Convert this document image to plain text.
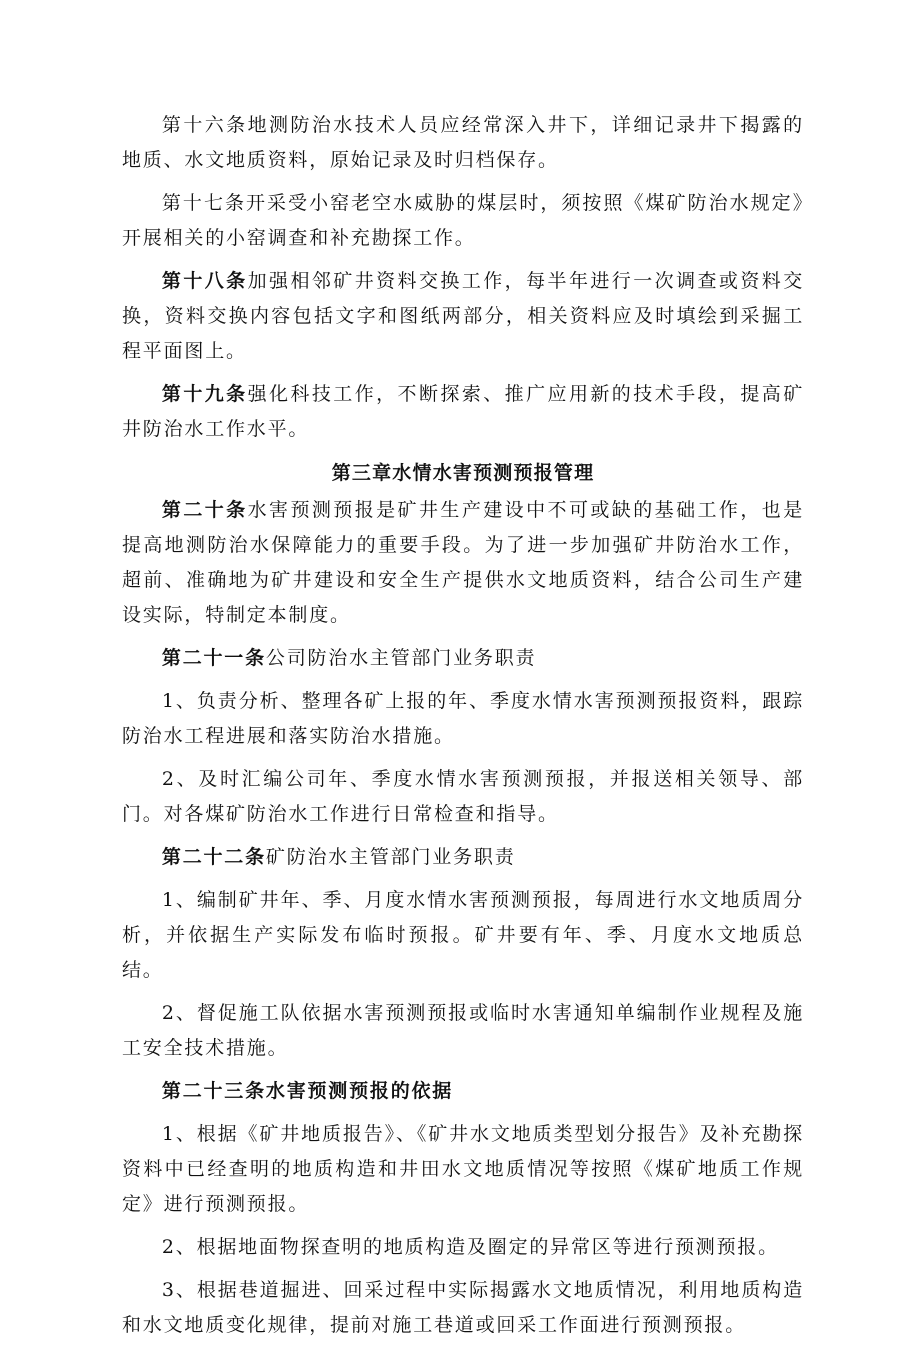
第十六条地测防治水技术人员应经常深入井下，详细记录井下揭露的地质、水文地质资料，原始记录及时归档保存。

第十七条开采受小窑老空水威胁的煤层时，须按照《煤矿防治水规定》开展相关的小窑调查和补充勘探工作。

第十八条加强相邻矿井资料交换工作，每半年进行一次调查或资料交换，资料交换内容包括文字和图纸两部分，相关资料应及时填绘到采掘工程平面图上。

第十九条强化科技工作，不断探索、推广应用新的技术手段，提高矿井防治水工作水平。

第三章水情水害预测预报管理

第二十条水害预测预报是矿井生产建设中不可或缺的基础工作，也是提高地测防治水保障能力的重要手段。为了进一步加强矿井防治水工作，超前、准确地为矿井建设和安全生产提供水文地质资料，结合公司生产建设实际，特制定本制度。

第二十一条公司防治水主管部门业务职责

1、负责分析、整理各矿上报的年、季度水情水害预测预报资料，跟踪防治水工程进展和落实防治水措施。

2、及时汇编公司年、季度水情水害预测预报，并报送相关领导、部门。对各煤矿防治水工作进行日常检查和指导。

第二十二条矿防治水主管部门业务职责

1、编制矿井年、季、月度水情水害预测预报，每周进行水文地质周分析，并依据生产实际发布临时预报。矿井要有年、季、月度水文地质总结。

2、督促施工队依据水害预测预报或临时水害通知单编制作业规程及施工安全技术措施。

第二十三条水害预测预报的依据

1、根据《矿井地质报告》、《矿井水文地质类型划分报告》及补充勘探资料中已经查明的地质构造和井田水文地质情况等按照《煤矿地质工作规定》进行预测预报。

2、根据地面物探查明的地质构造及圈定的异常区等进行预测预报。

3、根据巷道掘进、回采过程中实际揭露水文地质情况，利用地质构造和水文地质变化规律，提前对施工巷道或回采工作面进行预测预报。
